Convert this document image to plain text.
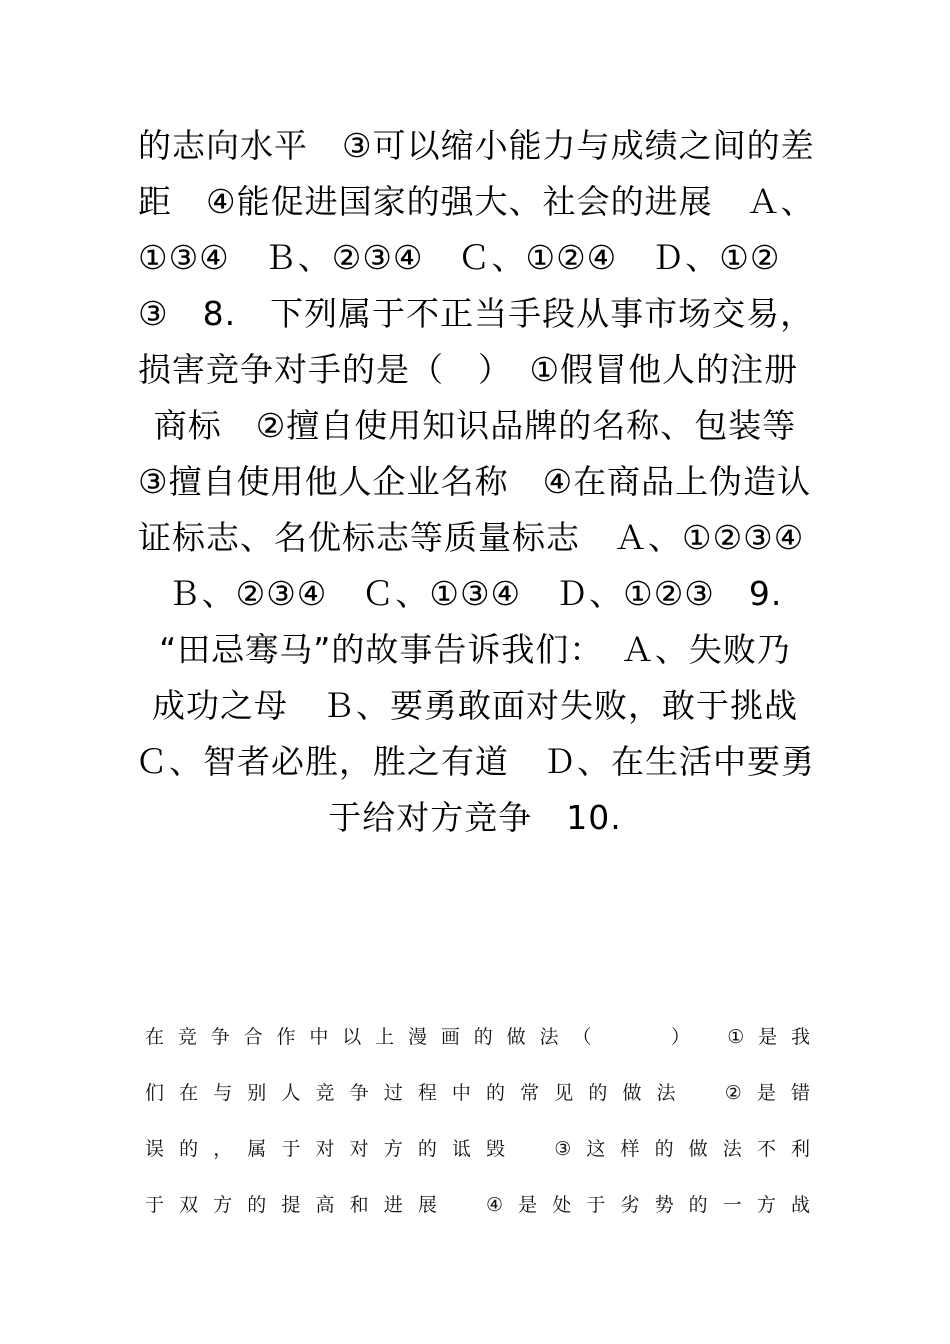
的志向水平　③可以缩小能力与成绩之间的差
距　④能促进国家的强大、社会的进展　Ａ、
①③④　Ｂ、②③④　Ｃ、①②④　Ｄ、①②
③　8.　下列属于不正当手段从事市场交易，
损害竞争对手的是（　）　①假冒他人的注册
商标　②擅自使用知识品牌的名称、包装等
③擅自使用他人企业名称　④在商品上伪造认
证标志、名优标志等质量标志　Ａ、①②③④
Ｂ、②③④　Ｃ、①③④　Ｄ、①②③　9.
“田忌骞马”的故事告诉我们：　Ａ、失败乃
成功之母　Ｂ、要勇敢面对失败，敢于挑战
Ｃ、智者必胜，胜之有道　Ｄ、在生活中要勇
于给对方竞争　10.
在竞争合作中以上漫画的做法（　　）　①是我
们在与别人竞争过程中的常见的做法　②是错
误的，属于对对方的诋毁　③这样的做法不利
于双方的提高和进展　④是处于劣势的一方战
